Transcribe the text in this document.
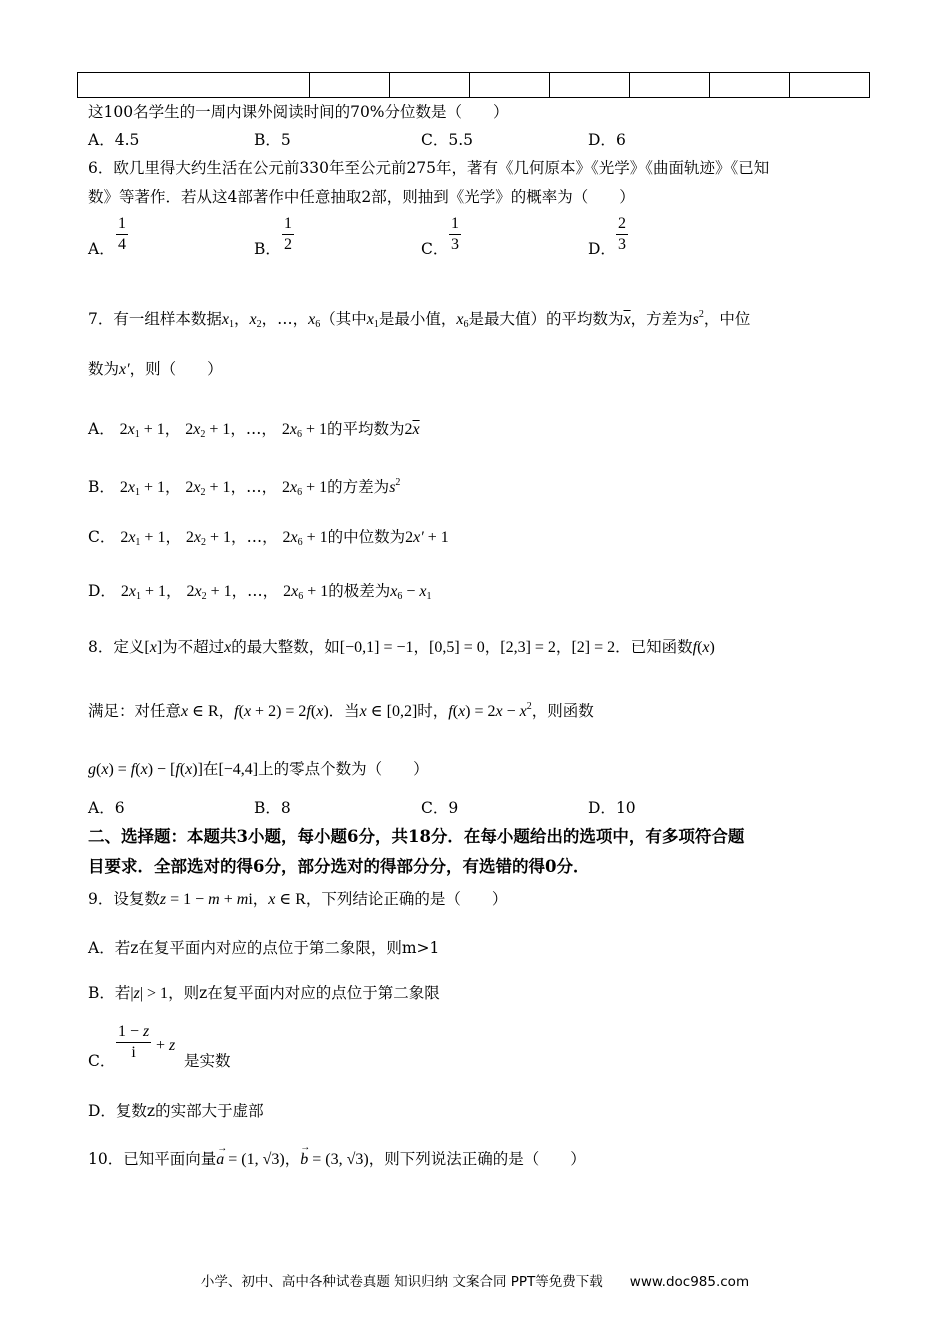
这100名学生的一周内课外阅读时间的70%分位数是（　　）
A．4.5	B．5	C．5.5	D．6
6．欧几里得大约生活在公元前330年至公元前275年，著有《几何原本》《光学》《曲面轨迹》《已知
数》等著作．若从这4部著作中任意抽取2部，则抽到《光学》的概率为（　　）
A． $\frac{1}{4}$	B． $\frac{1}{2}$	C． $\frac{1}{3}$	D． $\frac{2}{3}$
7．有一组样本数据$x_1$，$x_2$，…，$x_6$（其中$x_1$是最小值，$x_6$是最大值）的平均数为$\overline{x}$，方差为$s^2$，中位
数为x′，则（　　）
A． $2x_1 + 1$， $2x_2 + 1$，…， $2x_6 + 1$的平均数为$2\overline{x}$
B． $2x_1 + 1$， $2x_2 + 1$，…， $2x_6 + 1$的方差为$s^2$
C． $2x_1 + 1$， $2x_2 + 1$，…， $2x_6 + 1$的中位数为2x′ + 1
D． $2x_1 + 1$， $2x_2 + 1$，…， $2x_6 + 1$的极差为$x_6 - x_1$
8．定义[x]为不超过x的最大整数，如[−0,1] = −1，[0,5] = 0，[2,3] = 2，[2] = 2．已知函数f(x)
满足：对任意x ∈ R，f(x + 2) = 2f(x)．当x ∈ [0,2]时，$f(x) = 2x - x^2$，则函数
g(x) = f(x) − [f(x)]在[−4,4]上的零点个数为（　　）
A．6	B．8	C．9	D．10
二、选择题：本题共3小题，每小题6分，共18分．在每小题给出的选项中，有多项符合题
目要求．全部选对的得6分，部分选对的得部分分，有选错的得0分．
9．设复数z = 1 − m + mi，x ∈ R，下列结论正确的是（　　）
A．若z在复平面内对应的点位于第二象限，则m>1
B．若|z| > 1，则z在复平面内对应的点位于第二象限
C． $\frac{1 - z}{i} + z$
是实数
D．复数z的实部大于虚部
10．已知平面向量a
→
= (1, √3)，b
→
= (3, √3)，则下列说法正确的是（　　）
小学、初中、高中各种试卷真题 知识归纳 文案合同 PPT等免费下载　　www.doc985.com
